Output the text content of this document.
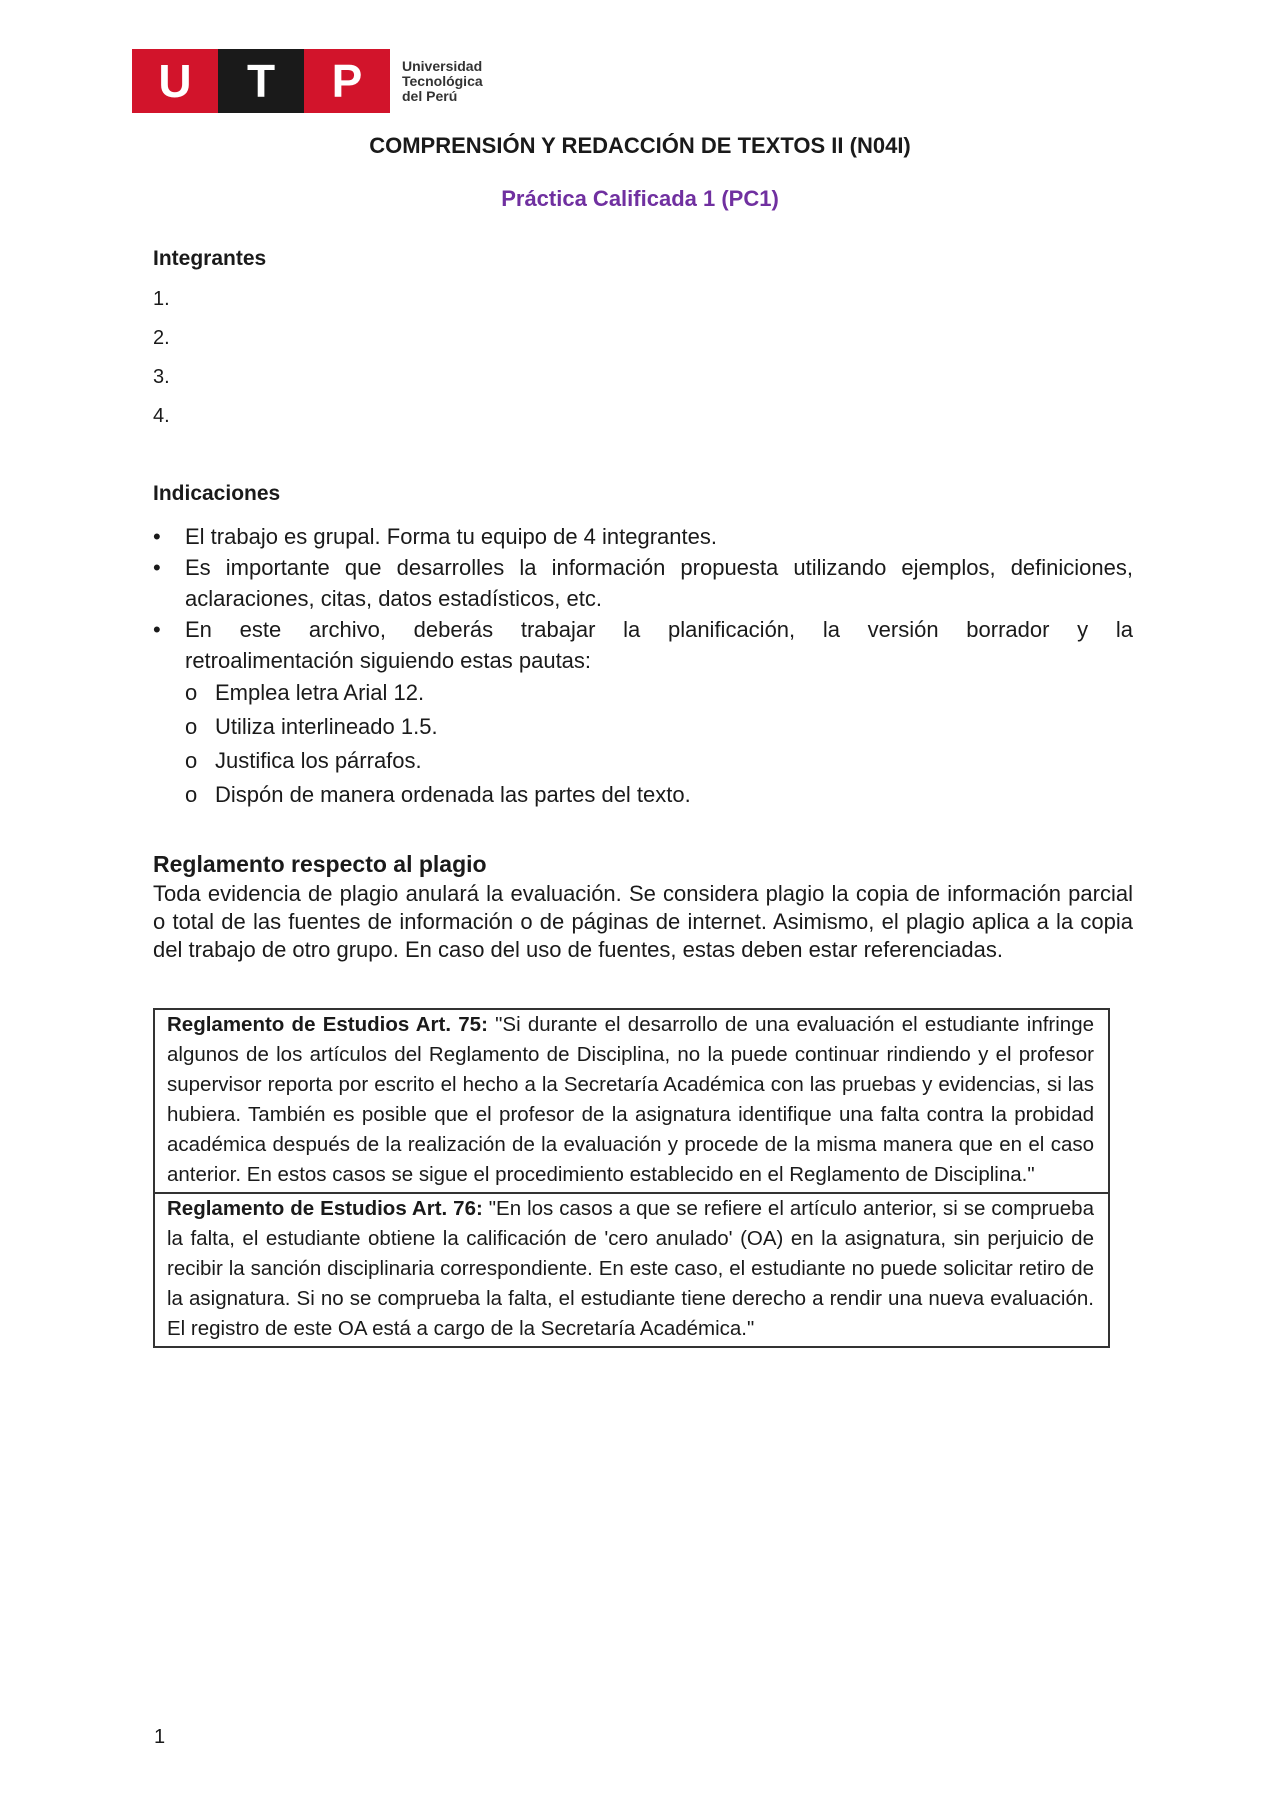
U	T	P	Universidad
Tecnológica
del Perú
COMPRENSIÓN Y REDACCIÓN DE TEXTOS II (N04I)
Práctica Calificada 1 (PC1)
Integrantes
1.
2.
3.
4.
Indicaciones
• El trabajo es grupal. Forma tu equipo de 4 integrantes.
• Es importante que desarrolles la información propuesta utilizando ejemplos, definiciones, aclaraciones, citas, datos estadísticos, etc.
• En este archivo, deberás trabajar la planificación, la versión borrador y la
retroalimentación siguiendo estas pautas:
o Emplea letra Arial 12.
o Utiliza interlineado 1.5.
o Justifica los párrafos.
o Dispón de manera ordenada las partes del texto.
Reglamento respecto al plagio

Toda evidencia de plagio anulará la evaluación. Se considera plagio la copia de información parcial o total de las fuentes de información o de páginas de internet. Asimismo, el plagio aplica a la copia del trabajo de otro grupo. En caso del uso de fuentes, estas deben estar referenciadas.

Reglamento de Estudios Art. 75: "Si durante el desarrollo de una evaluación el estudiante infringe algunos de los artículos del Reglamento de Disciplina, no la puede continuar rindiendo y el profesor supervisor reporta por escrito el hecho a la Secretaría Académica con las pruebas y evidencias, si las hubiera. También es posible que el profesor de la asignatura identifique una falta contra la probidad académica después de la realización de la evaluación y procede de la misma manera que en el caso anterior. En estos casos se sigue el procedimiento establecido en el Reglamento de Disciplina."
Reglamento de Estudios Art. 76: "En los casos a que se refiere el artículo anterior, si se comprueba la falta, el estudiante obtiene la calificación de 'cero anulado' (OA) en la asignatura, sin perjuicio de recibir la sanción disciplinaria correspondiente. En este caso, el estudiante no puede solicitar retiro de la asignatura. Si no se comprueba la falta, el estudiante tiene derecho a rendir una nueva evaluación. El registro de este OA está a cargo de la Secretaría Académica."

1
